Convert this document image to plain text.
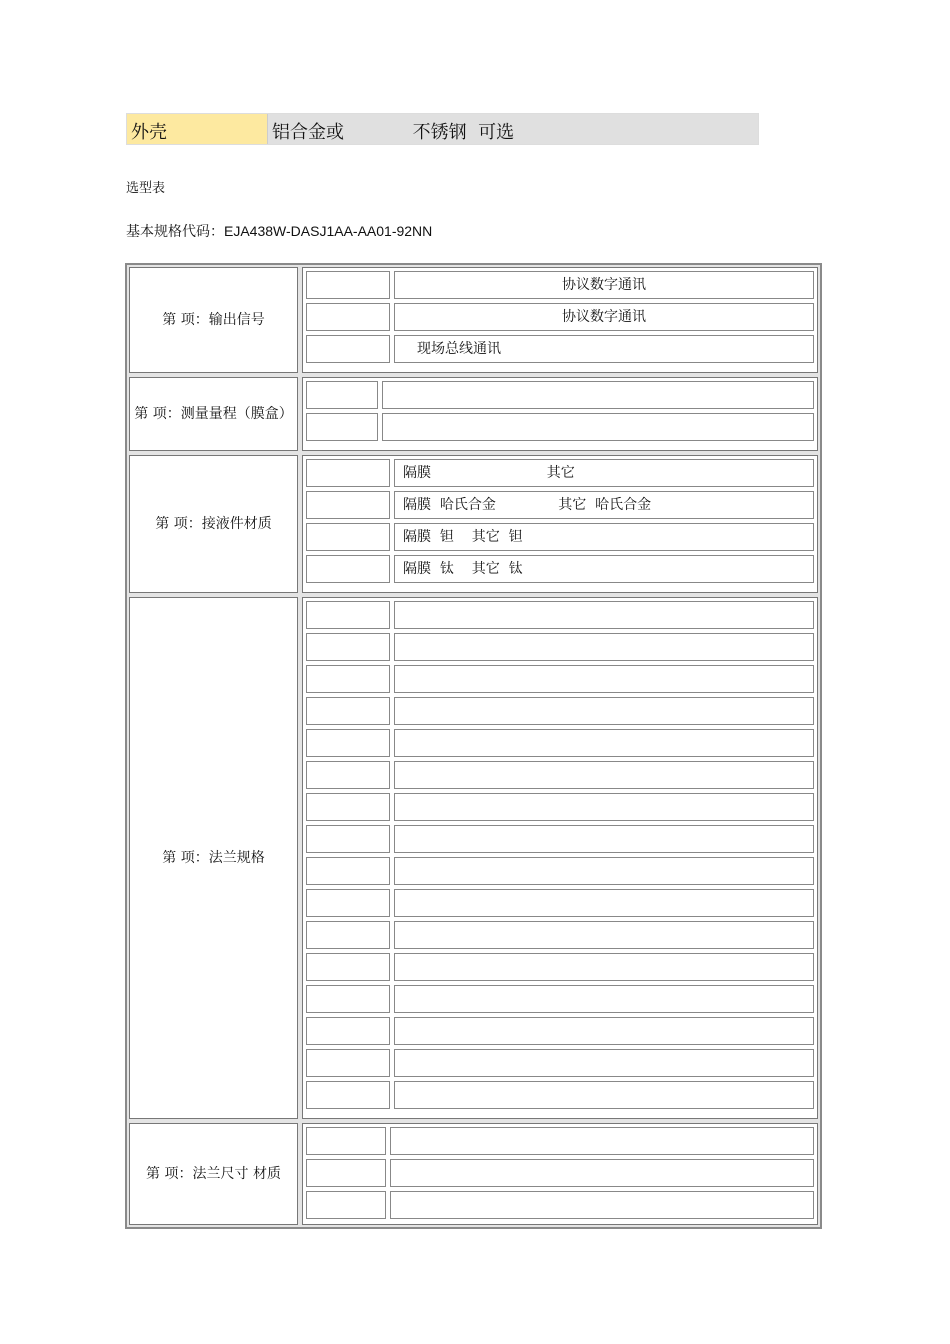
外壳	铝合金或            不锈钢  可选
选型表
基本规格代码：EJA438W-DASJ1AA-AA01-92NN
第 项：输出信号
协议数字通讯
协议数字通讯
现场总线通讯
第 项：测量量程（膜盒）
第 项：接液件材质
隔膜                          其它
隔膜  哈氏合金              其它  哈氏合金
隔膜  钽    其它  钽
隔膜  钛    其它  钛
第 项：法兰规格
第 项：法兰尺寸 材质
